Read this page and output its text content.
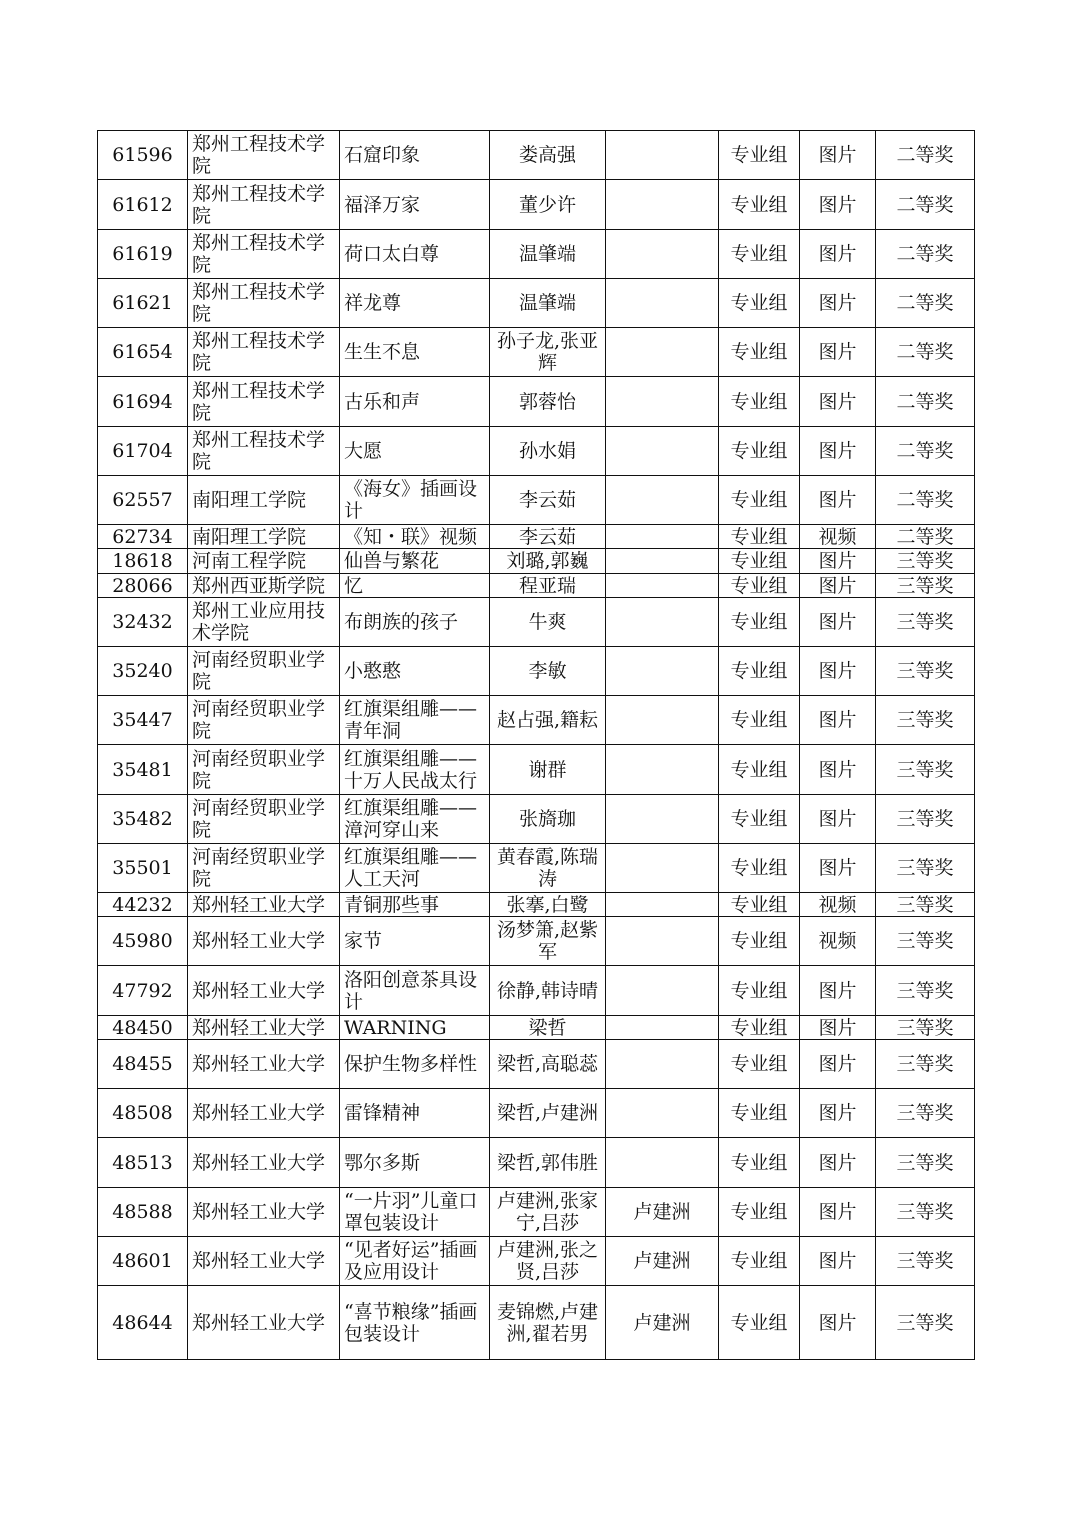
61596	郑州工程技术学院	石窟印象	娄高强		专业组	图片	二等奖
61612	郑州工程技术学院	福泽万家	董少许		专业组	图片	二等奖
61619	郑州工程技术学院	荷口太白尊	温肇端		专业组	图片	二等奖
61621	郑州工程技术学院	祥龙尊	温肇端		专业组	图片	二等奖
61654	郑州工程技术学院	生生不息	孙子龙,张亚辉		专业组	图片	二等奖
61694	郑州工程技术学院	古乐和声	郭蓉怡		专业组	图片	二等奖
61704	郑州工程技术学院	大愿	孙水娟		专业组	图片	二等奖
62557	南阳理工学院	《海女》插画设计	李云茹		专业组	图片	二等奖
62734	南阳理工学院	《知・联》视频	李云茹		专业组	视频	二等奖
18618	河南工程学院	仙兽与繁花	刘璐,郭巍		专业组	图片	三等奖
28066	郑州西亚斯学院	忆	程亚瑞		专业组	图片	三等奖
32432	郑州工业应用技术学院	布朗族的孩子	牛爽		专业组	图片	三等奖
35240	河南经贸职业学院	小憨憨	李敏		专业组	图片	三等奖
35447	河南经贸职业学院	红旗渠组雕——青年洞	赵占强,籍耘		专业组	图片	三等奖
35481	河南经贸职业学院	红旗渠组雕——十万人民战太行	谢群		专业组	图片	三等奖
35482	河南经贸职业学院	红旗渠组雕——漳河穿山来	张旖珈		专业组	图片	三等奖
35501	河南经贸职业学院	红旗渠组雕——人工天河	黄春霞,陈瑞涛		专业组	图片	三等奖
44232	郑州轻工业大学	青铜那些事	张搴,白鹭		专业组	视频	三等奖
45980	郑州轻工业大学	家节	汤梦箫,赵紫军		专业组	视频	三等奖
47792	郑州轻工业大学	洛阳创意茶具设计	徐静,韩诗晴		专业组	图片	三等奖
48450	郑州轻工业大学	WARNING	梁哲		专业组	图片	三等奖
48455	郑州轻工业大学	保护生物多样性	梁哲,高聪蕊		专业组	图片	三等奖
48508	郑州轻工业大学	雷锋精神	梁哲,卢建洲		专业组	图片	三等奖
48513	郑州轻工业大学	鄂尔多斯	梁哲,郭伟胜		专业组	图片	三等奖
48588	郑州轻工业大学	“一片羽”儿童口罩包装设计	卢建洲,张家宁,吕莎	卢建洲	专业组	图片	三等奖
48601	郑州轻工业大学	“见者好运”插画及应用设计	卢建洲,张之贤,吕莎	卢建洲	专业组	图片	三等奖
48644	郑州轻工业大学	“喜节粮缘”插画包装设计	麦锦燃,卢建洲,翟若男	卢建洲	专业组	图片	三等奖
